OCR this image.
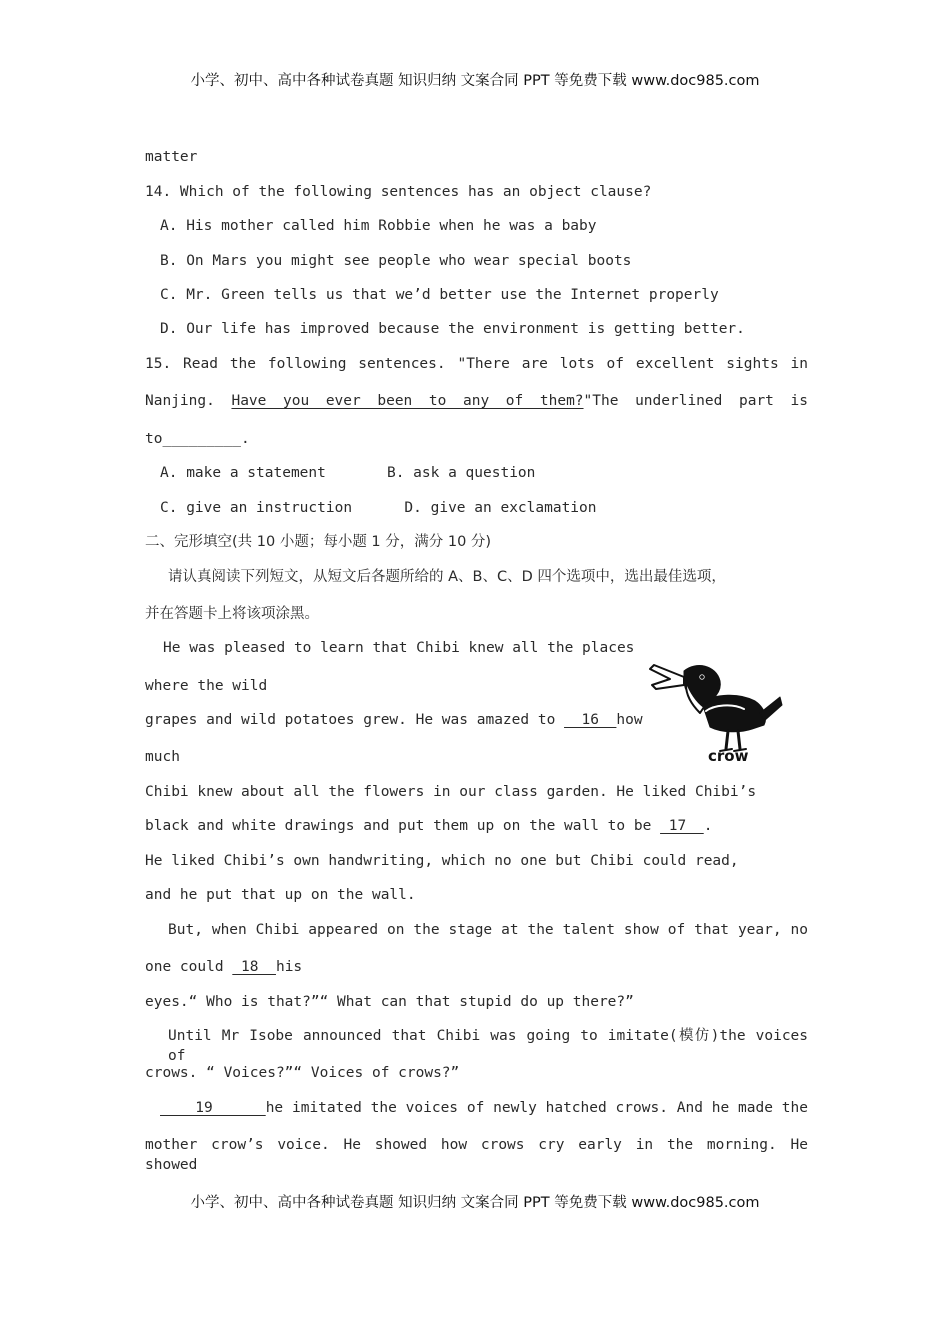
小学、初中、高中各种试卷真题 知识归纳 文案合同 PPT 等免费下载 www.doc985.com
matter
14. Which of the following sentences has an object clause?
A. His mother called him Robbie when he was a baby
B. On Mars you might see people who wear special boots
C. Mr. Green tells us that we’d better use the Internet properly
D. Our life has improved because the environment is getting better.
15. Read the following sentences. "There are lots of excellent sights in
Nanjing. Have you ever been to any of them?"The underlined part is
to_________.
A. make a statement       B. ask a question
C. give an instruction      D. give an exclamation
二、完形填空(共 10 小题；每小题 1 分，满分 10 分)
请认真阅读下列短文，从短文后各题所给的 A、B、C、D 四个选项中，选出最佳选项，
并在答题卡上将该项涂黑。
He was pleased to learn that Chibi knew all the places
where the wild
grapes and wild potatoes grew. He was amazed to   16  how
much	crow
Chibi knew about all the flowers in our class garden. He liked Chibi’s
black and white drawings and put them up on the wall to be  17  .
He liked Chibi’s own handwriting, which no one but Chibi could read,
and he put that up on the wall.
But, when Chibi appeared on the stage at the talent show of that year, no
one could  18  his
eyes.“ Who is that?”“ What can that stupid do up there?”
Until Mr Isobe announced that Chibi was going to imitate(模仿)the voices of
crows. “ Voices?”“ Voices of crows?”
19      he imitated the voices of newly hatched crows. And he made the
mother crow’s voice. He showed how crows cry early in the morning. He showed
小学、初中、高中各种试卷真题 知识归纳 文案合同 PPT 等免费下载 www.doc985.com
